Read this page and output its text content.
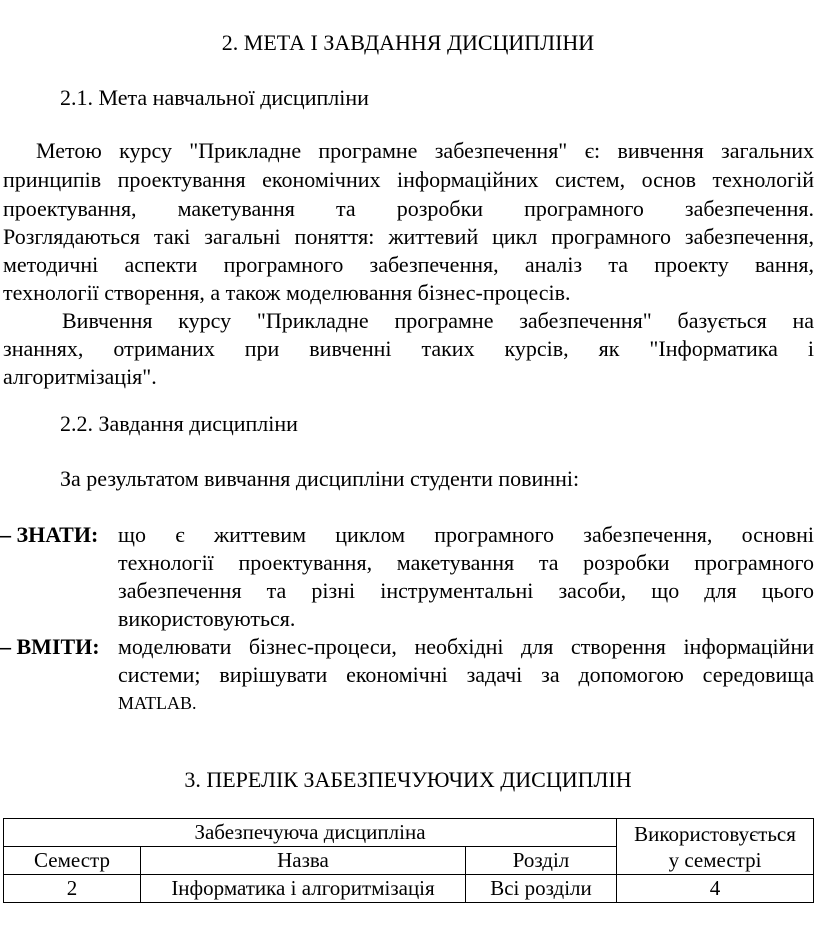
2. МЕТА І ЗАВДАННЯ ДИСЦИПЛІНИ
2.1. Мета навчальної дисципліни
Метою курсу "Прикладне програмне забезпечення" є: вивчення загальних
принципів проектування економічних інформаційних систем, основ технологій
проектування, макетування та розробки програмного забезпечення.
Розглядаються такі загальні поняття: життевий цикл програмного забезпечення,
методичні аспекти програмного забезпечення, аналіз та проекту вання,
технології створення, а також моделювання бізнес-процесів.
Вивчення курсу "Прикладне програмне забезпечення" базується на
знаннях, отриманих при вивченні таких курсів, як "Інформатика і
алгоритмізація".
2.2. Завдання дисципліни
За результатом вивчання дисципліни студенти повинні:
– ЗНАТИ: що є життевим циклом програмного забезпечення, основні
технології проектування, макетування та розробки програмного
забезпечення та різні інструментальні засоби, що для цього
використовуються.
– ВМІТИ: моделювати бізнес-процеси, необхідні для створення інформаційни
системи; вирішувати економічні задачі за допомогою середовища
MATLAB.
3. ПЕРЕЛІК ЗАБЕЗПЕЧУЮЧИХ ДИСЦИПЛІН
Забезпечуюча дисципліна			Використовується
у семестрі
Семестр	Назва	Розділ	
2	Інформатика і алгоритмізація	Всі розділи	4
